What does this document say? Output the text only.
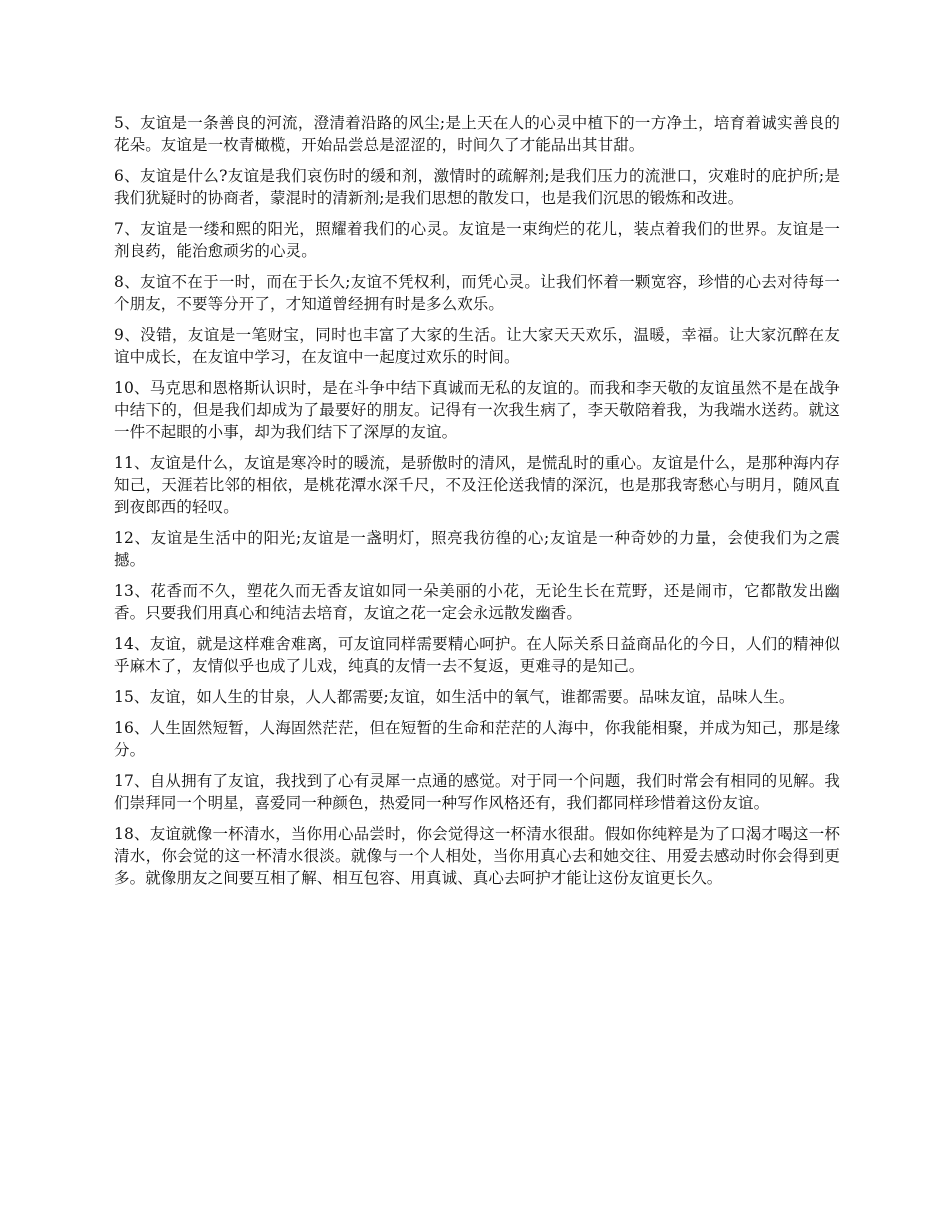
5、友谊是一条善良的河流，澄清着沿路的风尘;是上天在人的心灵中植下的一方净土，培育着诚实善良的花朵。友谊是一枚青橄榄，开始品尝总是涩涩的，时间久了才能品出其甘甜。

6、友谊是什么?友谊是我们哀伤时的缓和剂，激情时的疏解剂;是我们压力的流泄口，灾难时的庇护所;是我们犹疑时的协商者，蒙混时的清新剂;是我们思想的散发口，也是我们沉思的锻炼和改进。

7、友谊是一缕和熙的阳光，照耀着我们的心灵。友谊是一束绚烂的花儿，装点着我们的世界。友谊是一剂良药，能治愈顽劣的心灵。

8、友谊不在于一时，而在于长久;友谊不凭权利，而凭心灵。让我们怀着一颗宽容，珍惜的心去对待每一个朋友，不要等分开了，才知道曾经拥有时是多么欢乐。

9、没错，友谊是一笔财宝，同时也丰富了大家的生活。让大家天天欢乐，温暖，幸福。让大家沉醉在友谊中成长，在友谊中学习，在友谊中一起度过欢乐的时间。

10、马克思和恩格斯认识时，是在斗争中结下真诚而无私的友谊的。而我和李天敬的友谊虽然不是在战争中结下的，但是我们却成为了最要好的朋友。记得有一次我生病了，李天敬陪着我，为我端水送药。就这一件不起眼的小事，却为我们结下了深厚的友谊。

11、友谊是什么，友谊是寒冷时的暖流，是骄傲时的清风，是慌乱时的重心。友谊是什么，是那种海内存知己，天涯若比邻的相依，是桃花潭水深千尺，不及汪伦送我情的深沉，也是那我寄愁心与明月，随风直到夜郎西的轻叹。

12、友谊是生活中的阳光;友谊是一盏明灯，照亮我彷徨的心;友谊是一种奇妙的力量，会使我们为之震撼。

13、花香而不久，塑花久而无香友谊如同一朵美丽的小花，无论生长在荒野，还是闹市，它都散发出幽香。只要我们用真心和纯洁去培育，友谊之花一定会永远散发幽香。

14、友谊，就是这样难舍难离，可友谊同样需要精心呵护。在人际关系日益商品化的今日，人们的精神似乎麻木了，友情似乎也成了儿戏，纯真的友情一去不复返，更难寻的是知己。

15、友谊，如人生的甘泉，人人都需要;友谊，如生活中的氧气，谁都需要。品味友谊，品味人生。

16、人生固然短暂，人海固然茫茫，但在短暂的生命和茫茫的人海中，你我能相聚，并成为知己，那是缘分。

17、自从拥有了友谊，我找到了心有灵犀一点通的感觉。对于同一个问题，我们时常会有相同的见解。我们崇拜同一个明星，喜爱同一种颜色，热爱同一种写作风格还有，我们都同样珍惜着这份友谊。

18、友谊就像一杯清水，当你用心品尝时，你会觉得这一杯清水很甜。假如你纯粹是为了口渴才喝这一杯清水，你会觉的这一杯清水很淡。就像与一个人相处，当你用真心去和她交往、用爱去感动时你会得到更多。就像朋友之间要互相了解、相互包容、用真诚、真心去呵护才能让这份友谊更长久。
